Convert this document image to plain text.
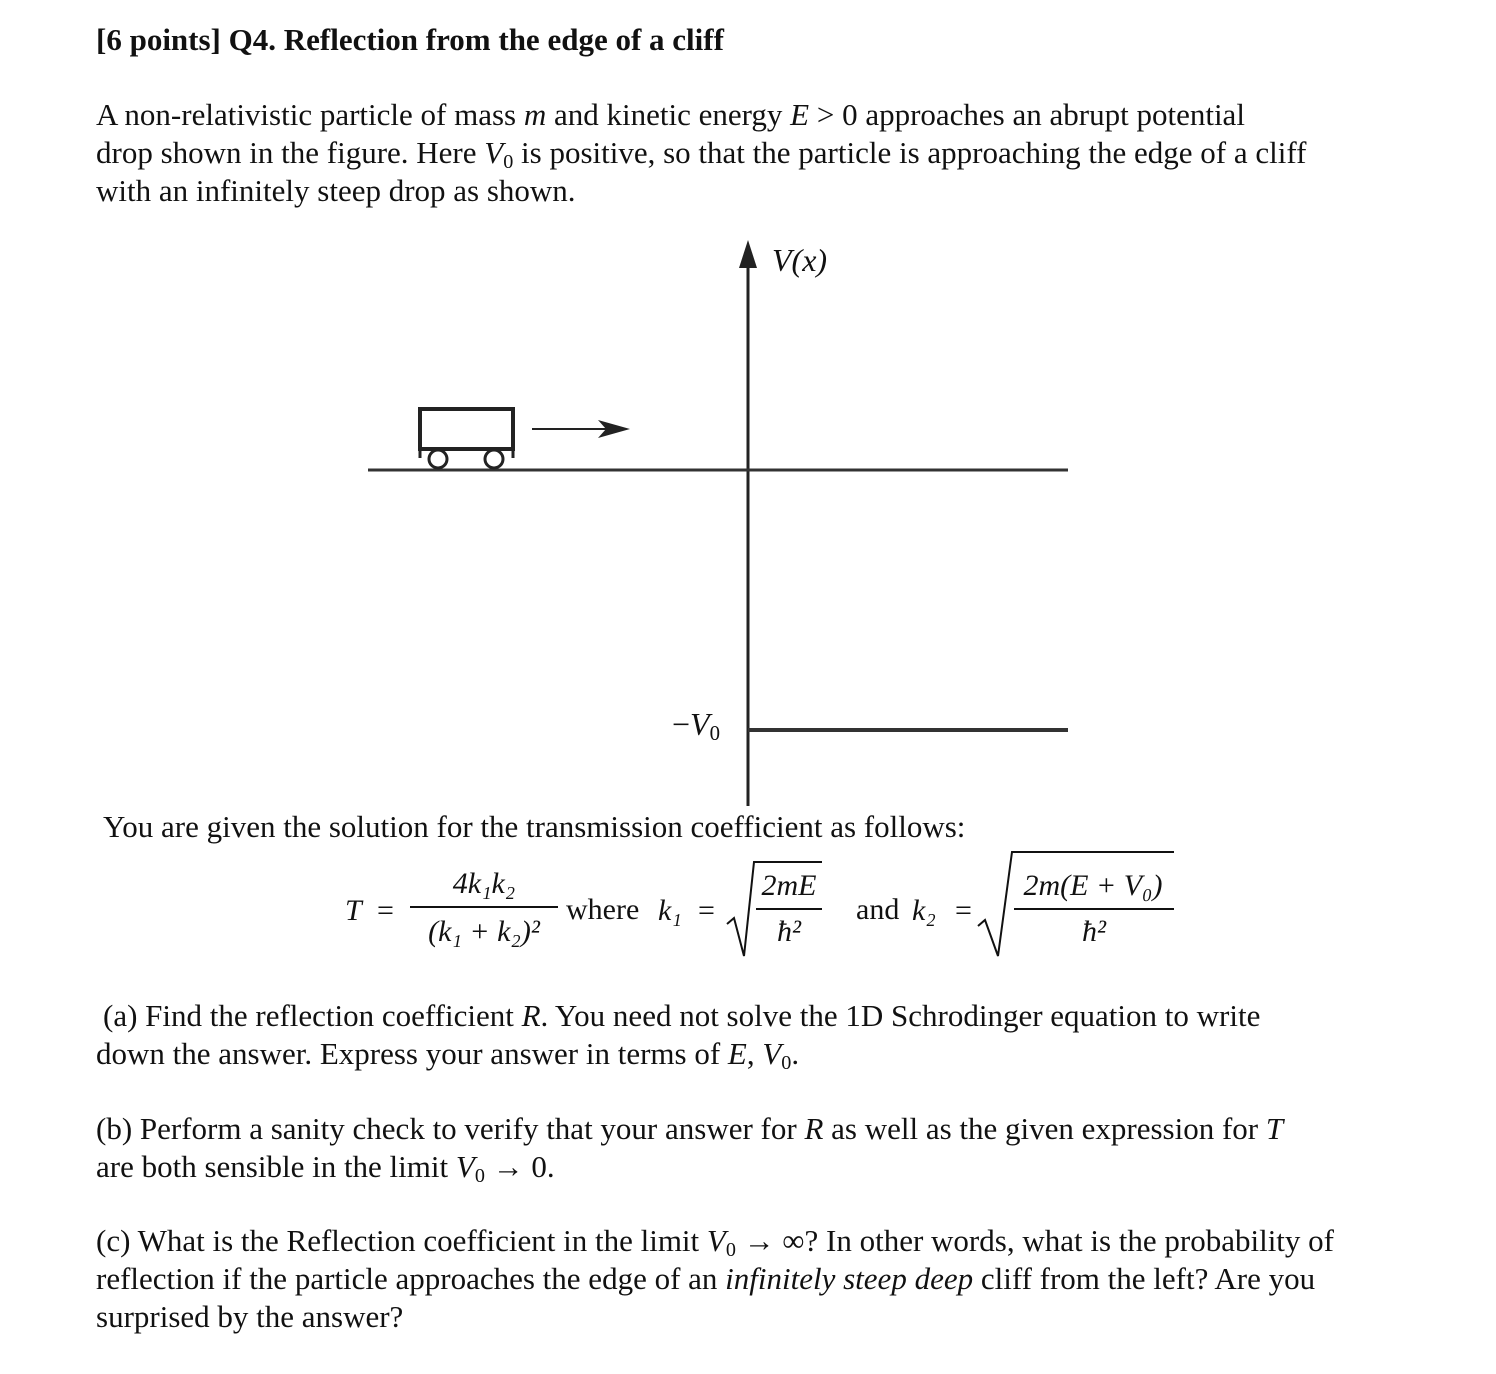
[6 points] Q4. Reflection from the edge of a cliff
A non-relativistic particle of mass m and kinetic energy E > 0 approaches an abrupt potential
drop shown in the figure. Here $V_0$ is positive, so that the particle is approaching the edge of a cliff
with an infinitely steep drop as shown.
V(x)
$-V_0$
You are given the solution for the transmission coefficient as follows:
T =
4k₁k₂
(k₁ + k₂)²
where k₁ =
2mE
ħ²
and k₂ =
2m(E + V₀)
ħ²
(a) Find the reflection coefficient R. You need not solve the 1D Schrodinger equation to write
down the answer. Express your answer in terms of E, $V_0$.
(b) Perform a sanity check to verify that your answer for R as well as the given expression for T
are both sensible in the limit $V_0 \to 0$.
(c) What is the Reflection coefficient in the limit $V_0$ → ∞? In other words, what is the probability of
reflection if the particle approaches the edge of an infinitely steep deep cliff from the left? Are you
surprised by the answer?
